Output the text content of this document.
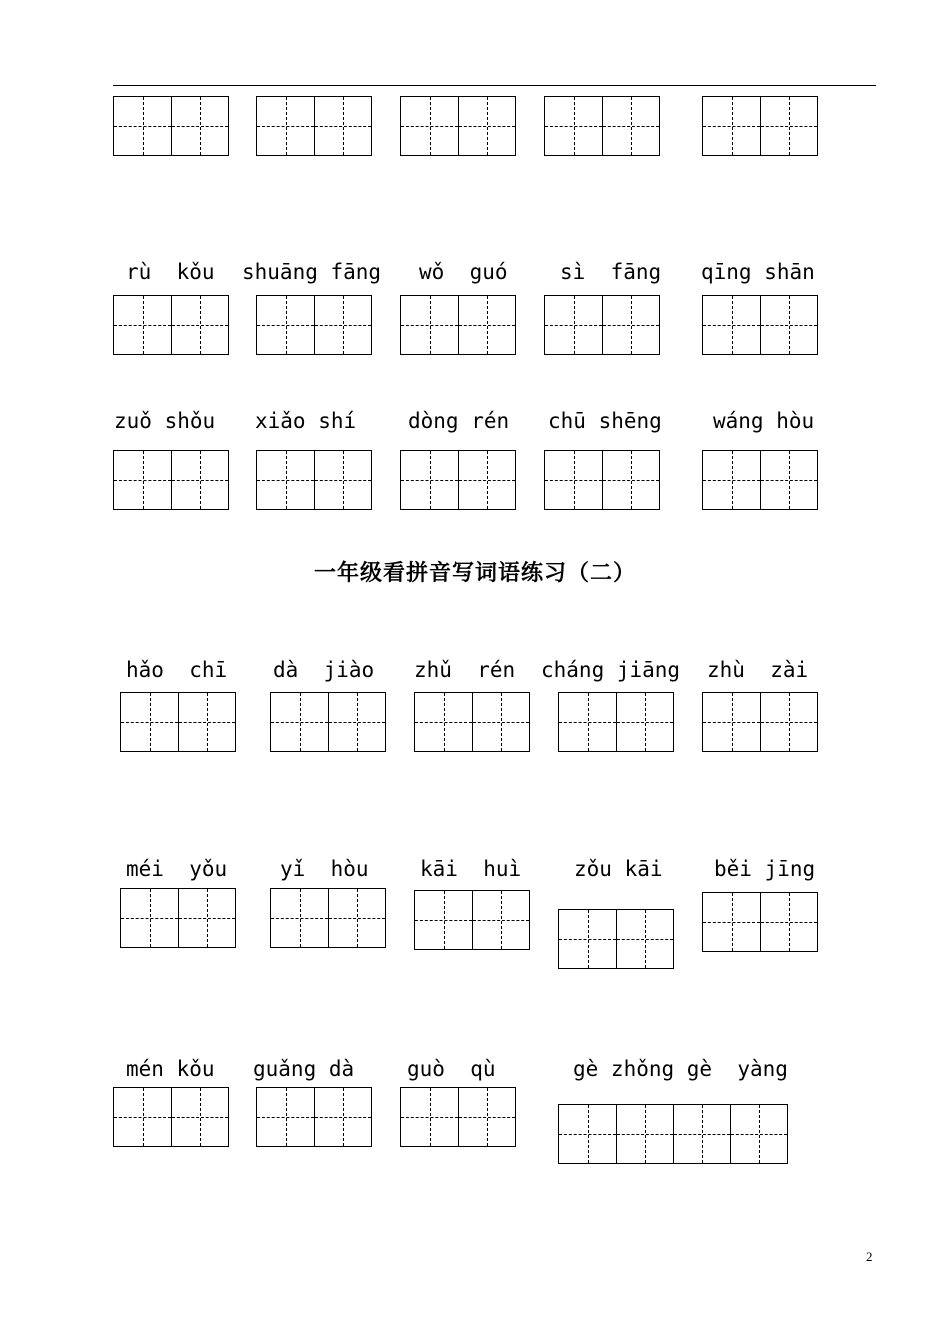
rù  kǒu shuāng fāng wǒ  guó sì  fāng qīng shān
zuǒ shǒu xiǎo shí dòng rén chū shēng wáng hòu
一年级看拼音写词语练习（二）
hǎo  chī dà  jiào zhǔ  rén cháng jiāng zhù  zài
méi  yǒu	yǐ  hòu kāi  huì	zǒu kāi běi jīng
mén kǒu guǎng dà	guò  qù	gè zhǒng gè  yàng
2
